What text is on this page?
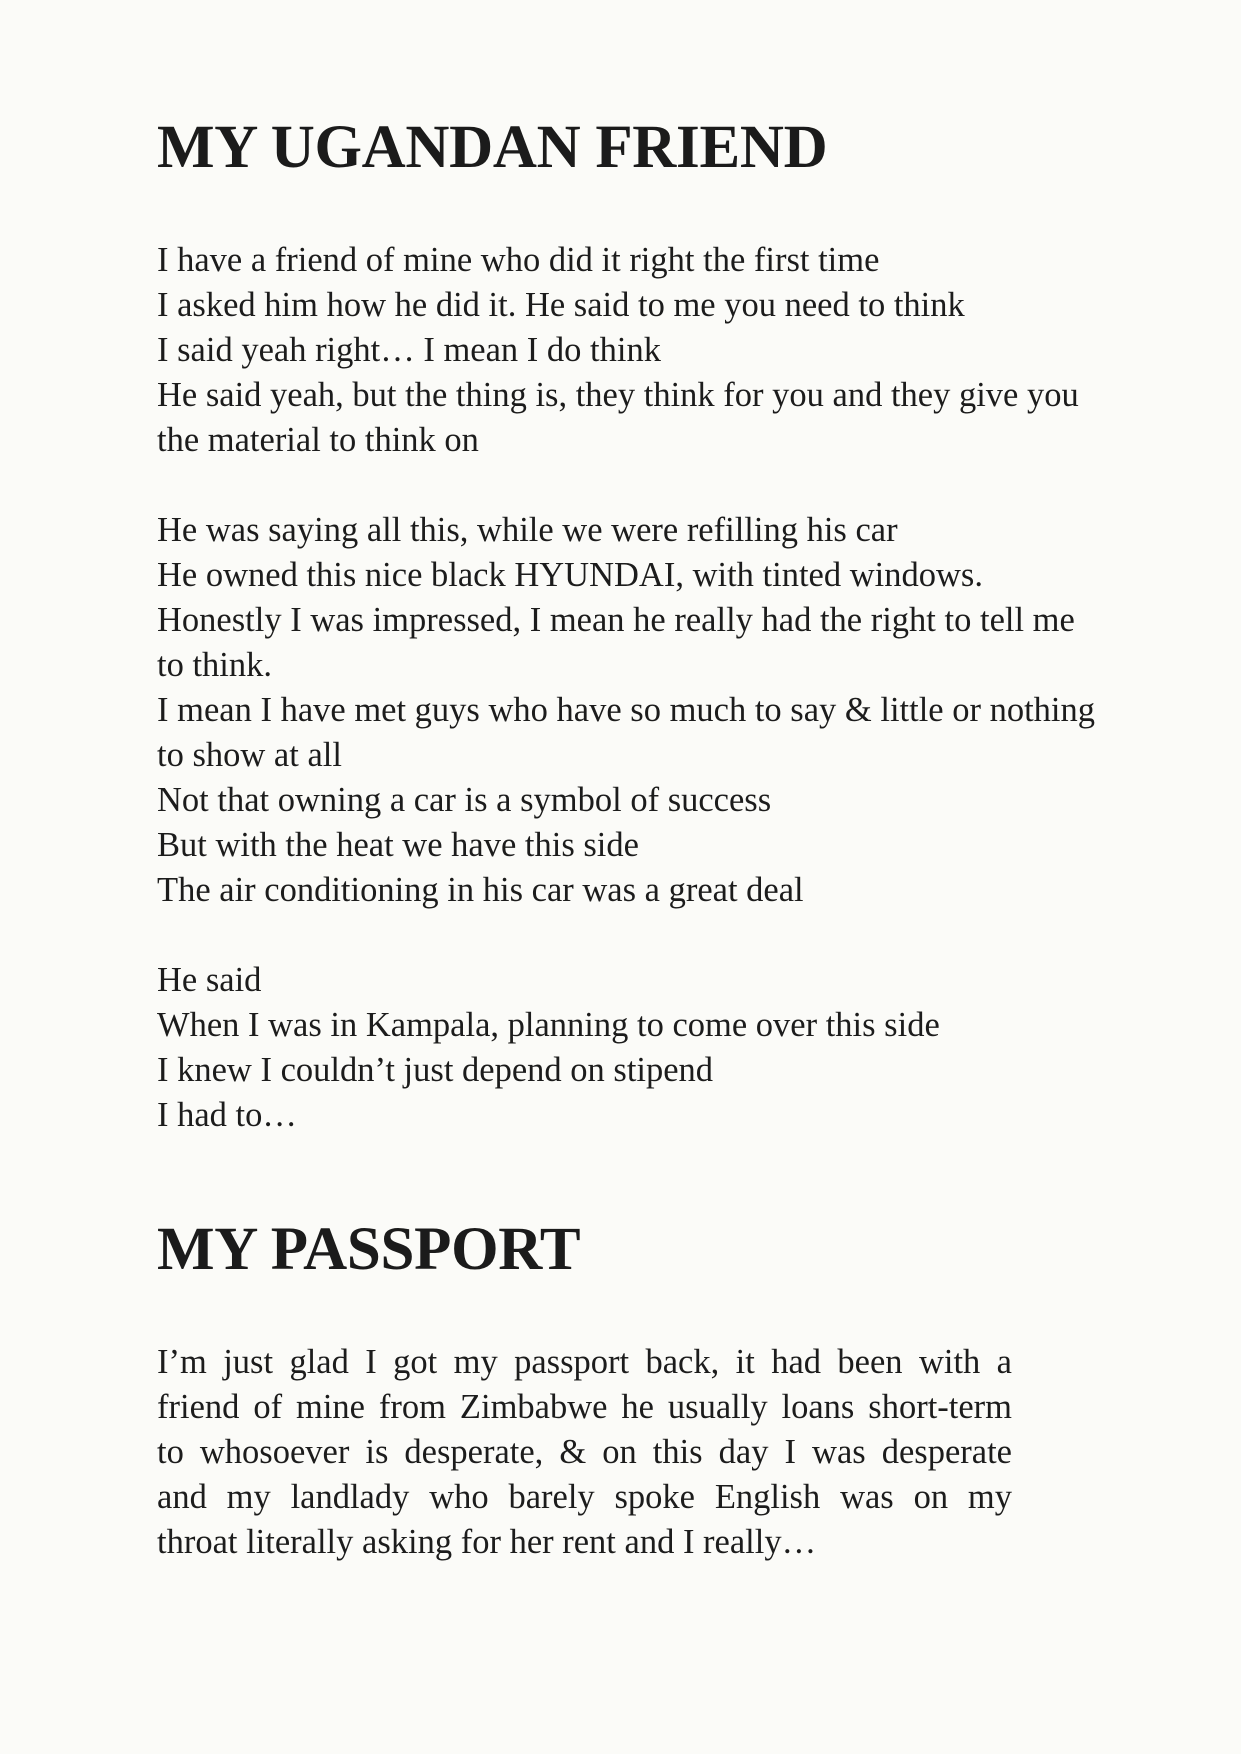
MY UGANDAN FRIEND
I have a friend of mine who did it right the first time
I asked him how he did it. He said to me you need to think
I said yeah right… I mean I do think
He said yeah, but the thing is, they think for you and they give you
the material to think on
He was saying all this, while we were refilling his car
He owned this nice black HYUNDAI, with tinted windows.
Honestly I was impressed, I mean he really had the right to tell me
to think.
I mean I have met guys who have so much to say & little or nothing
to show at all
Not that owning a car is a symbol of success
But with the heat we have this side
The air conditioning in his car was a great deal
He said
When I was in Kampala, planning to come over this side
I knew I couldn’t just depend on stipend
I had to…
MY PASSPORT
I’m just glad I got my passport back, it had been with a
friend of mine from Zimbabwe he usually loans short-term
to whosoever is desperate, & on this day I was desperate
and my landlady who barely spoke English was on my
throat literally asking for her rent and I really…
